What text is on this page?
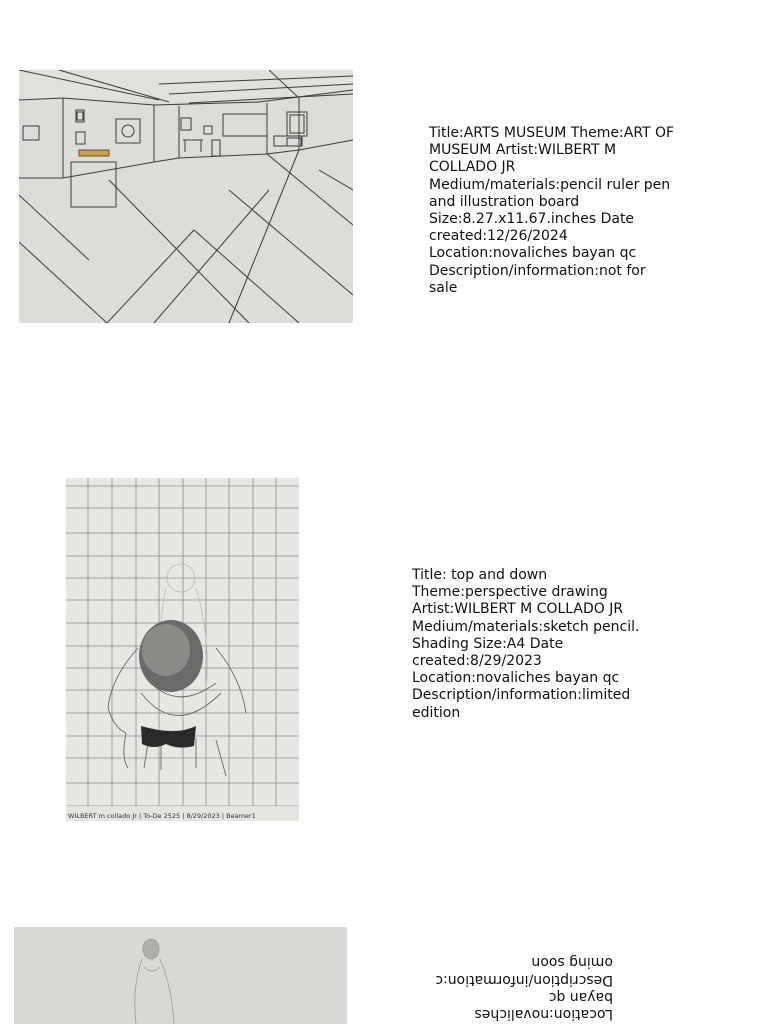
Title:ARTS MUSEUM Theme:ART OF
MUSEUM Artist:WILBERT M
COLLADO JR
Medium/materials:pencil ruler pen
and illustration board
Size:8.27.x11.67.inches Date
created:12/26/2024
Location:novaliches bayan qc
Description/information:not for
sale
WILBERT m collado Jr | To-De 2525 | 8/29/2023 | Beamer1
Title: top and down
Theme:perspective drawing
Artist:WILBERT M COLLADO JR
Medium/materials:sketch pencil.
Shading Size:A4 Date
created:8/29/2023
Location:novaliches bayan qc
Description/information:limited
edition
Location:novaliches
bayan qc
Description/information:c
oming soon
